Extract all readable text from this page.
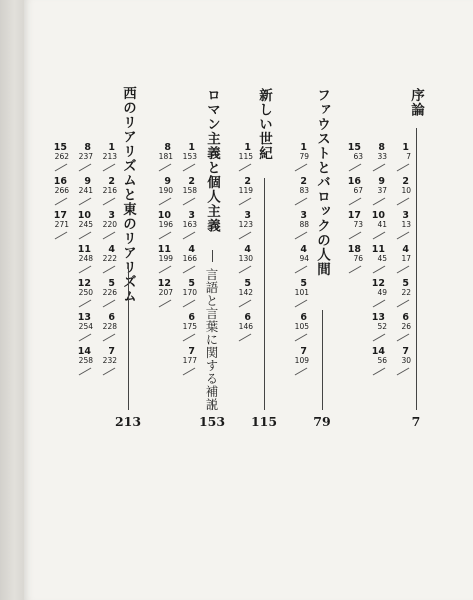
序論
7
1
7
2
10
3
13
4
17
5
22
6
26
7
30
8
33
9
37
10
41
11
45
12
49
13
52
14
56
15
63
16
67
17
73
18
76
ファウストとバロックの人間
79
1
79
2
83
3
88
4
94
5
101
6
105
7
109
新しい世紀
115
1
115
2
119
3
123
4
130
5
142
6
146
ロマン主義と個人主義
言語と言葉に関する補説
153
1
153
2
158
3
163
4
166
5
170
6
175
7
177
8
181
9
190
10
196
11
199
12
207
西のリアリズムと東のリアリズム
213
1
213
2
216
3
220
4
222
5
226
6
228
7
232
8
237
9
241
10
245
11
248
12
250
13
254
14
258
15
262
16
266
17
271
